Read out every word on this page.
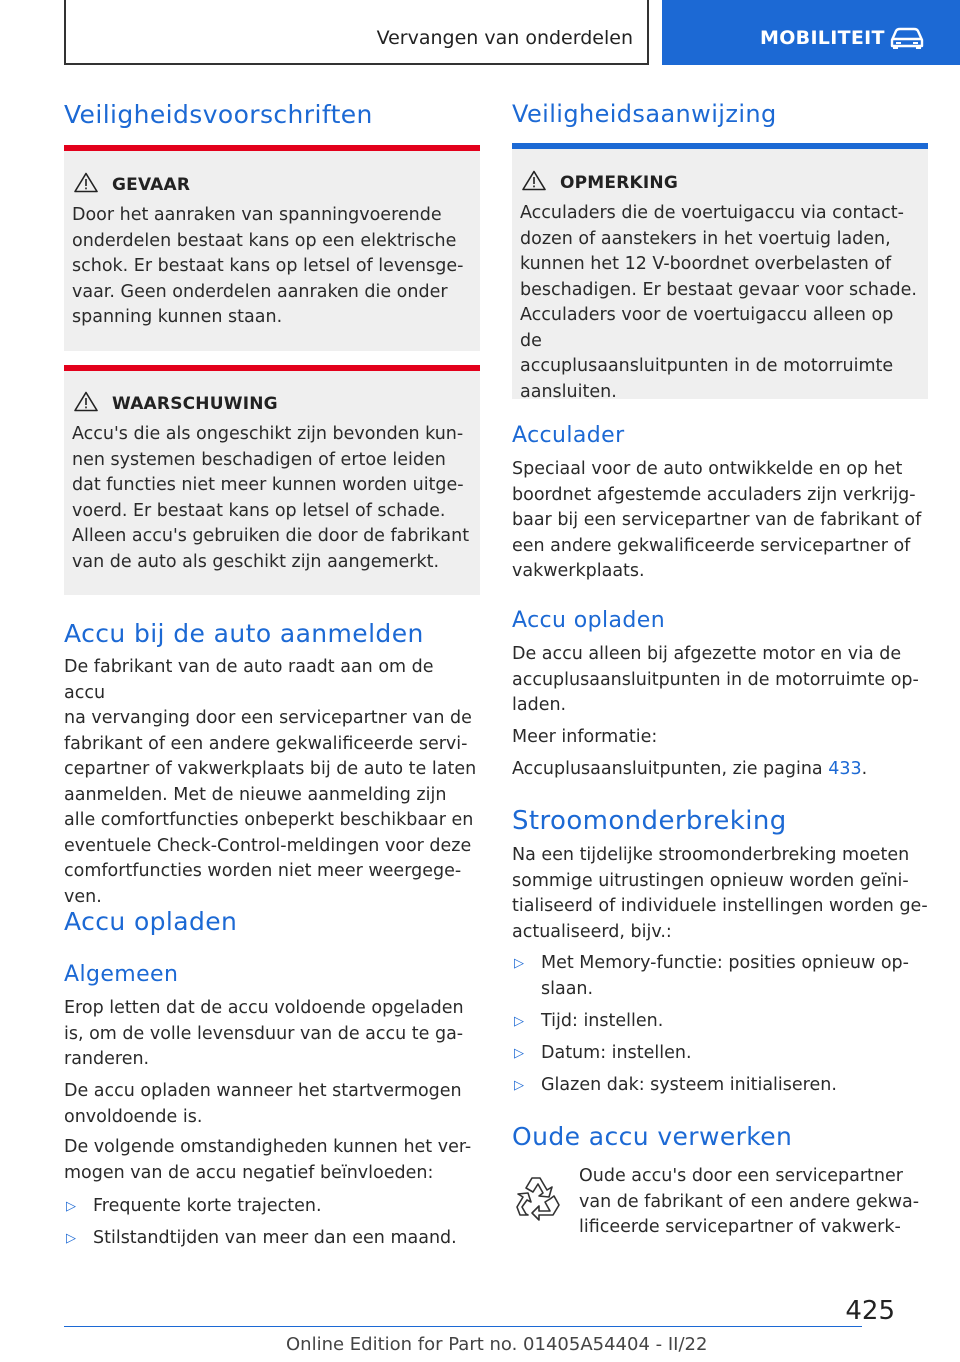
Vervangen van onderdelen	MOBILITEIT
Veiligheidsvoorschriften
GEVAAR
Door het aanraken van spanningvoerende
onderdelen bestaat kans op een elektrische
schok. Er bestaat kans op letsel of levensge-
vaar. Geen onderdelen aanraken die onder
spanning kunnen staan.
WAARSCHUWING
Accu's die als ongeschikt zijn bevonden kun-
nen systemen beschadigen of ertoe leiden
dat functies niet meer kunnen worden uitge-
voerd. Er bestaat kans op letsel of schade.
Alleen accu's gebruiken die door de fabrikant
van de auto als geschikt zijn aangemerkt.
Accu bij de auto aanmelden
De fabrikant van de auto raadt aan om de accu
na vervanging door een servicepartner van de
fabrikant of een andere gekwalificeerde servi-
cepartner of vakwerkplaats bij de auto te laten
aanmelden. Met de nieuwe aanmelding zijn
alle comfortfuncties onbeperkt beschikbaar en
eventuele Check-Control-meldingen voor deze
comfortfuncties worden niet meer weergege-
ven.
Accu opladen
Algemeen
Erop letten dat de accu voldoende opgeladen
is, om de volle levensduur van de accu te ga-
randeren.
De accu opladen wanneer het startvermogen
onvoldoende is.
De volgende omstandigheden kunnen het ver-
mogen van de accu negatief beïnvloeden:
▷ Frequente korte trajecten.
▷ Stilstandtijden van meer dan een maand.
Veiligheidsaanwijzing
OPMERKING
Acculaders die de voertuigaccu via contact-
dozen of aanstekers in het voertuig laden,
kunnen het 12 V-boordnet overbelasten of
beschadigen. Er bestaat gevaar voor schade.
Acculaders voor de voertuigaccu alleen op de
accuplusaansluitpunten in de motorruimte
aansluiten.
Acculader
Speciaal voor de auto ontwikkelde en op het
boordnet afgestemde acculaders zijn verkrijg-
baar bij een servicepartner van de fabrikant of
een andere gekwalificeerde servicepartner of
vakwerkplaats.
Accu opladen
De accu alleen bij afgezette motor en via de
accuplusaansluitpunten in de motorruimte op-
laden.
Meer informatie:
Accuplusaansluitpunten, zie pagina 433.
Stroomonderbreking
Na een tijdelijke stroomonderbreking moeten
sommige uitrustingen opnieuw worden geïni-
tialiseerd of individuele instellingen worden ge-
actualiseerd, bijv.:
▷ Met Memory-functie: posities opnieuw op-
slaan.
▷ Tijd: instellen.
▷ Datum: instellen.
▷ Glazen dak: systeem initialiseren.
Oude accu verwerken
Oude accu's door een servicepartner
van de fabrikant of een andere gekwa-
lificeerde servicepartner of vakwerk-
425
Online Edition for Part no. 01405A54404 - II/22
